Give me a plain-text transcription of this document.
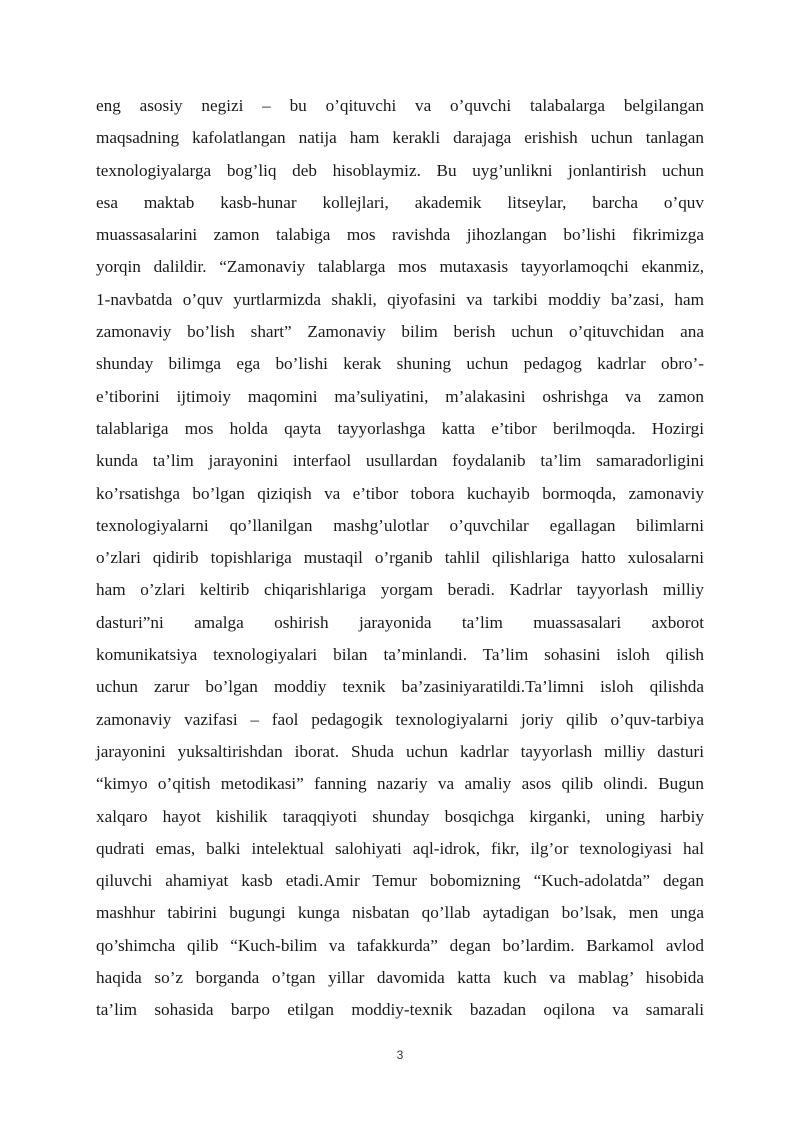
eng asosiy negizi – bu o’qituvchi va o’quvchi talabalarga belgilangan
maqsadning kafolatlangan natija ham kerakli darajaga erishish uchun tanlagan
texnologiyalarga bog’liq deb hisoblaymiz. Bu uyg’unlikni jonlantirish uchun
esa maktab kasb-hunar kollejlari, akademik litseylar, barcha o’quv
muassasalarini zamon talabiga mos ravishda jihozlangan bo’lishi fikrimizga
yorqin dalildir. “Zamonaviy talablarga mos mutaxasis tayyorlamoqchi ekanmiz,
1-navbatda o’quv yurtlarmizda shakli, qiyofasini va tarkibi moddiy ba’zasi, ham
zamonaviy bo’lish shart” Zamonaviy bilim berish uchun o’qituvchidan ana
shunday bilimga ega bo’lishi kerak shuning uchun pedagog kadrlar obro’-
e’tiborini ijtimoiy maqomini ma’suliyatini, m’alakasini oshrishga va zamon
talablariga mos holda qayta tayyorlashga katta e’tibor berilmoqda. Hozirgi
kunda ta’lim jarayonini interfaol usullardan foydalanib ta’lim samaradorligini
ko’rsatishga bo’lgan qiziqish va e’tibor tobora kuchayib bormoqda, zamonaviy
texnologiyalarni qo’llanilgan mashg’ulotlar o’quvchilar egallagan bilimlarni
o’zlari qidirib topishlariga mustaqil o’rganib tahlil qilishlariga hatto xulosalarni
ham o’zlari keltirib chiqarishlariga yorgam beradi. Kadrlar tayyorlash milliy
dasturi”ni amalga oshirish jarayonida ta’lim muassasalari axborot
komunikatsiya texnologiyalari bilan ta’minlandi. Ta’lim sohasini isloh qilish
uchun zarur bo’lgan moddiy texnik ba’zasiniyaratildi.Ta’limni isloh qilishda
zamonaviy vazifasi – faol pedagogik texnologiyalarni joriy qilib o’quv-tarbiya
jarayonini yuksaltirishdan iborat. Shuda uchun kadrlar tayyorlash milliy dasturi
“kimyo o’qitish metodikasi” fanning nazariy va amaliy asos qilib olindi. Bugun
xalqaro hayot kishilik taraqqiyoti shunday bosqichga kirganki, uning harbiy
qudrati emas, balki intelektual salohiyati aql-idrok, fikr, ilg’or texnologiyasi hal
qiluvchi ahamiyat kasb etadi.Amir Temur bobomizning “Kuch-adolatda” degan
mashhur tabirini bugungi kunga nisbatan qo’llab aytadigan bo’lsak, men unga
qo’shimcha qilib “Kuch-bilim va tafakkurda” degan bo’lardim. Barkamol avlod
haqida so’z borganda o’tgan yillar davomida katta kuch va mablag’ hisobida
ta’lim sohasida barpo etilgan moddiy-texnik bazadan oqilona va samarali
3
